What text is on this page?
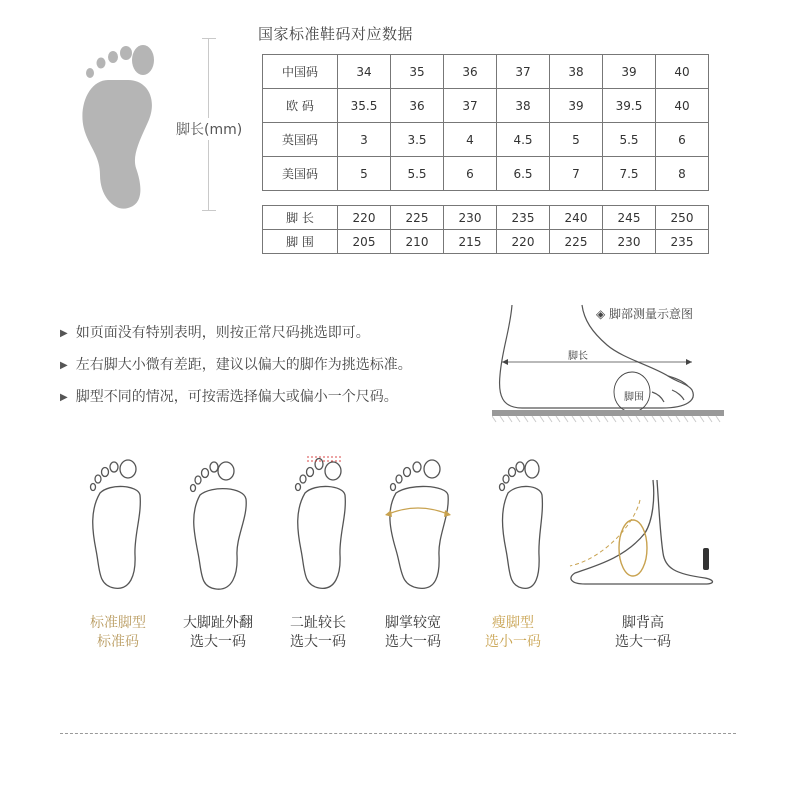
脚长(mm)
国家标准鞋码对应数据
中国码	34	35	36	37	38	39	40
欧 码	35.5	36	37	38	39	39.5	40
英国码	3	3.5	4	4.5	5	5.5	6
美国码	5	5.5	6	6.5	7	7.5	8
脚 长	220	225	230	235	240	245	250
脚 围	205	210	215	220	225	230	235
▶ 如页面没有特别表明，则按正常尺码挑选即可。
▶ 左右脚大小微有差距，建议以偏大的脚作为挑选标准。
▶ 脚型不同的情况，可按需选择偏大或偏小一个尺码。
◈ 脚部测量示意图
脚长
脚围
标准脚型
标准码
大脚趾外翻
选大一码
二趾较长
选大一码
脚掌较宽
选大一码
瘦脚型
选小一码
脚背高
选大一码
